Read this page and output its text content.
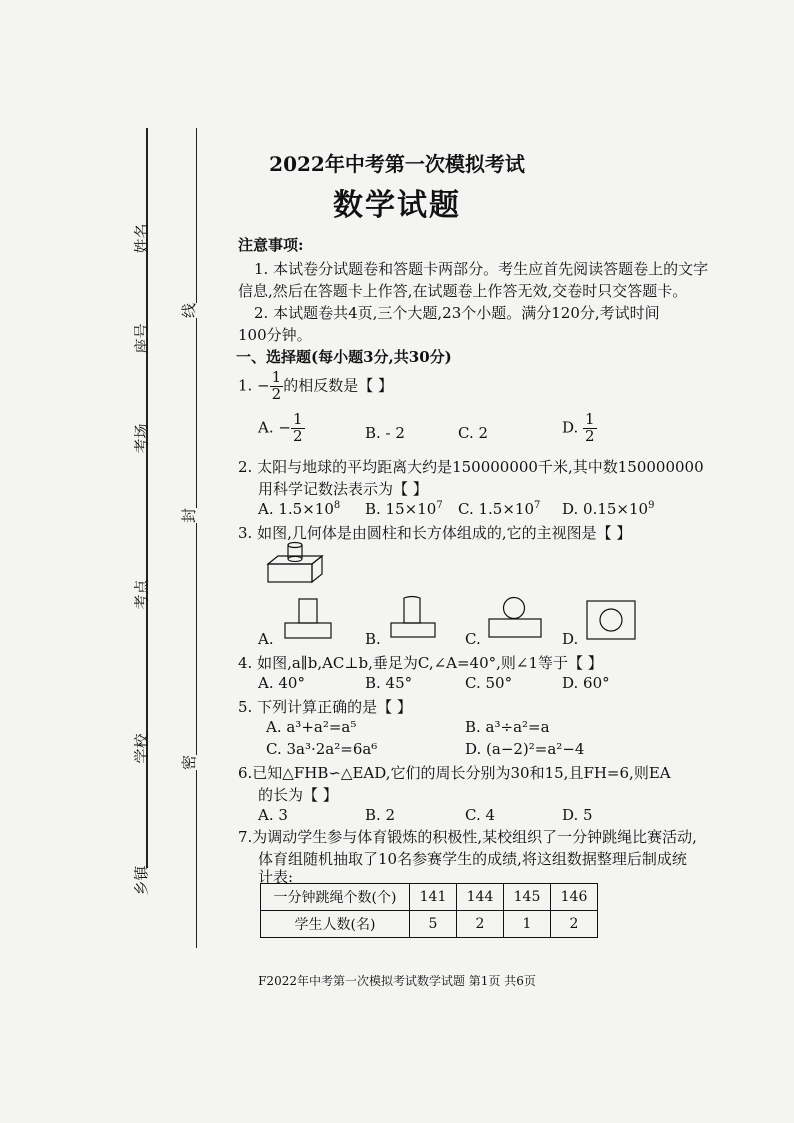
姓名
座号
考场
考点
学校
乡镇
线
封
密
2022年中考第一次模拟考试
数学试题
注意事项:
1. 本试卷分试题卷和答题卡两部分。考生应首先阅读答题卷上的文字
信息,然后在答题卡上作答,在试题卷上作答无效,交卷时只交答题卡。
2. 本试题卷共4页,三个大题,23个小题。满分120分,考试时间
100分钟。
一、选择题(每小题3分,共30分)
1. − $\frac{1}{2}$ 的相反数是【 】
A. − $\frac{1}{2}$	B. - 2	C. 2	D. $\frac{1}{2}$
2. 太阳与地球的平均距离大约是150000000千米,其中数150000000
用科学记数法表示为【 】
A. $1.5\times 10^8$ B. $15\times 10^7$ C. $1.5\times 10^7$ D. $0.15\times 10^9$
3. 如图,几何体是由圆柱和长方体组成的,它的主视图是【 】
A.	B.	C.	D.
4. 如图,a∥b,AC⊥b,垂足为C,∠A=40°,则∠1等于【 】
A. 40°	B. 45°	C. 50°	D. 60°
5. 下列计算正确的是【 】
A. a³+a²=a⁵	B. a³÷a²=a
C. 3a³·2a²=6a⁶	D. (a−2)²=a²−4
6.已知△FHB∽△EAD,它们的周长分别为30和15,且FH=6,则EA
的长为【 】
A. 3	B. 2	C. 4	D. 5
7.为调动学生参与体育锻炼的积极性,某校组织了一分钟跳绳比赛活动,
体育组随机抽取了10名参赛学生的成绩,将这组数据整理后制成统
计表:
一分钟跳绳个数(个)	141	144	145	146
学生人数(名)	5	2	1	2
F2022年中考第一次模拟考试数学试题 第1页 共6页
